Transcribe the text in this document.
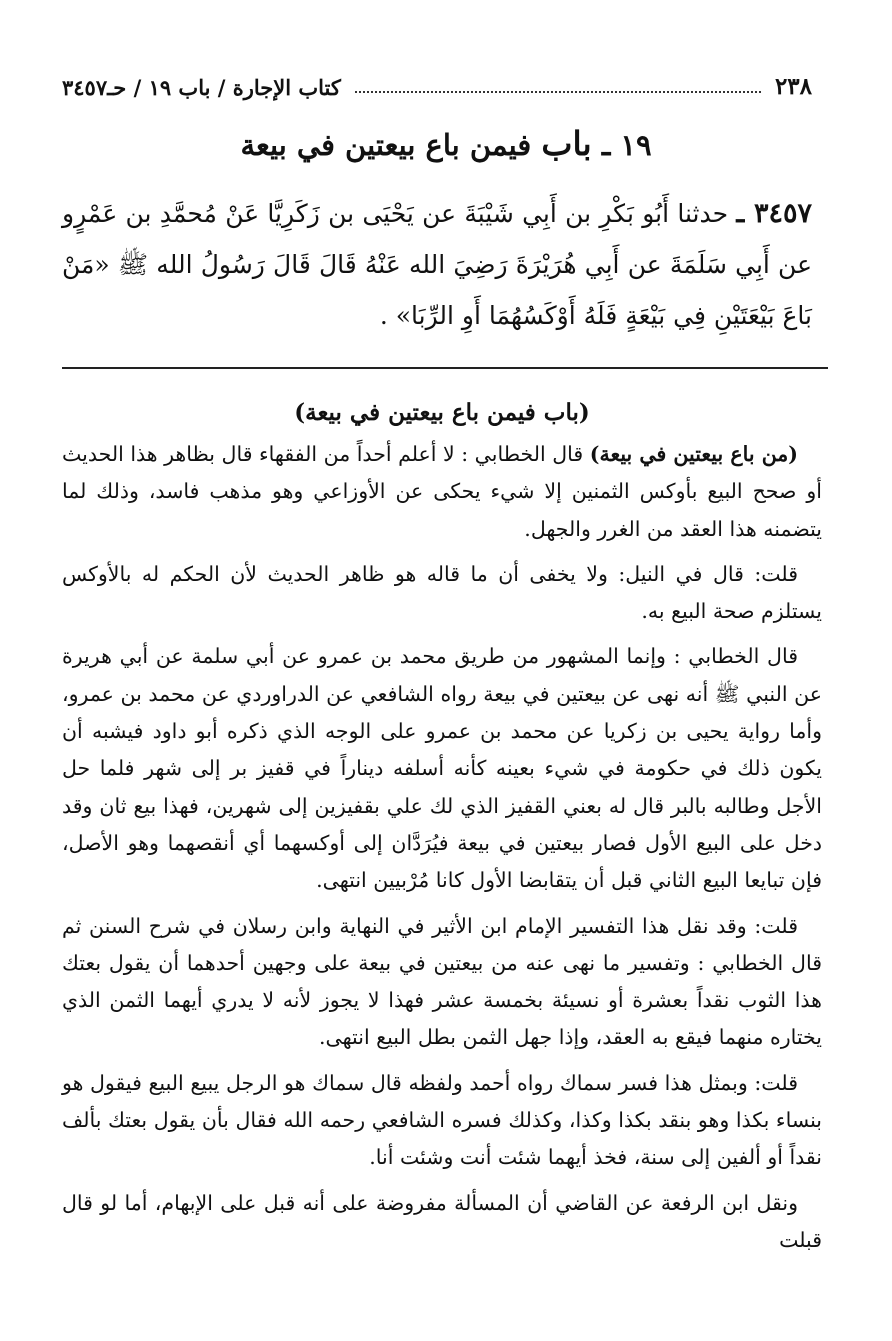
٢٣٨
كتاب الإجارة / باب ١٩ / حـ٣٤٥٧
١٩ ـ باب فيمن باع بيعتين في بيعة
٣٤٥٧ ـ حدثنا أَبُو بَكْرِ بن أَبِي شَيْبَةَ عن يَحْيَى بن زَكَرِيَّا عَنْ مُحمَّدِ بن عَمْرٍو عن أَبِي سَلَمَةَ عن أَبِي هُرَيْرَةَ رَضِيَ الله عَنْهُ قَالَ قَالَ رَسُولُ الله ﷺ «مَنْ بَاعَ بَيْعَتَيْنِ فِي بَيْعَةٍ فَلَهُ أَوْكَسُهُمَا أَوِ الرِّبَا» .
(باب فيمن باع بيعتين في بيعة)

(من باع بيعتين في بيعة) قال الخطابي : لا أعلم أحداً من الفقهاء قال بظاهر هذا الحديث أو صحح البيع بأوكس الثمنين إلا شيء يحكى عن الأوزاعي وهو مذهب فاسد، وذلك لما يتضمنه هذا العقد من الغرر والجهل.

قلت: قال في النيل: ولا يخفى أن ما قاله هو ظاهر الحديث لأن الحكم له بالأوكس يستلزم صحة البيع به.

قال الخطابي : وإنما المشهور من طريق محمد بن عمرو عن أبي سلمة عن أبي هريرة عن النبي ﷺ أنه نهى عن بيعتين في بيعة رواه الشافعي عن الدراوردي عن محمد بن عمرو، وأما رواية يحيى بن زكريا عن محمد بن عمرو على الوجه الذي ذكره أبو داود فيشبه أن يكون ذلك في حكومة في شيء بعينه كأنه أسلفه ديناراً في قفيز بر إلى شهر فلما حل الأجل وطالبه بالبر قال له بعني القفيز الذي لك علي بقفيزين إلى شهرين، فهذا بيع ثان وقد دخل على البيع الأول فصار بيعتين في بيعة فيُرَدَّان إلى أوكسهما أي أنقصهما وهو الأصل، فإن تبايعا البيع الثاني قبل أن يتقابضا الأول كانا مُرْبيين انتهى.

قلت: وقد نقل هذا التفسير الإمام ابن الأثير في النهاية وابن رسلان في شرح السنن ثم قال الخطابي : وتفسير ما نهى عنه من بيعتين في بيعة على وجهين أحدهما أن يقول بعتك هذا الثوب نقداً بعشرة أو نسيئة بخمسة عشر فهذا لا يجوز لأنه لا يدري أيهما الثمن الذي يختاره منهما فيقع به العقد، وإذا جهل الثمن بطل البيع انتهى.

قلت: وبمثل هذا فسر سماك رواه أحمد ولفظه قال سماك هو الرجل يبيع البيع فيقول هو بنساء بكذا وهو بنقد بكذا وكذا، وكذلك فسره الشافعي رحمه الله فقال بأن يقول بعتك بألف نقداً أو ألفين إلى سنة، فخذ أيهما شئت أنت وشئت أنا.

ونقل ابن الرفعة عن القاضي أن المسألة مفروضة على أنه قبل على الإبهام، أما لو قال قبلت
